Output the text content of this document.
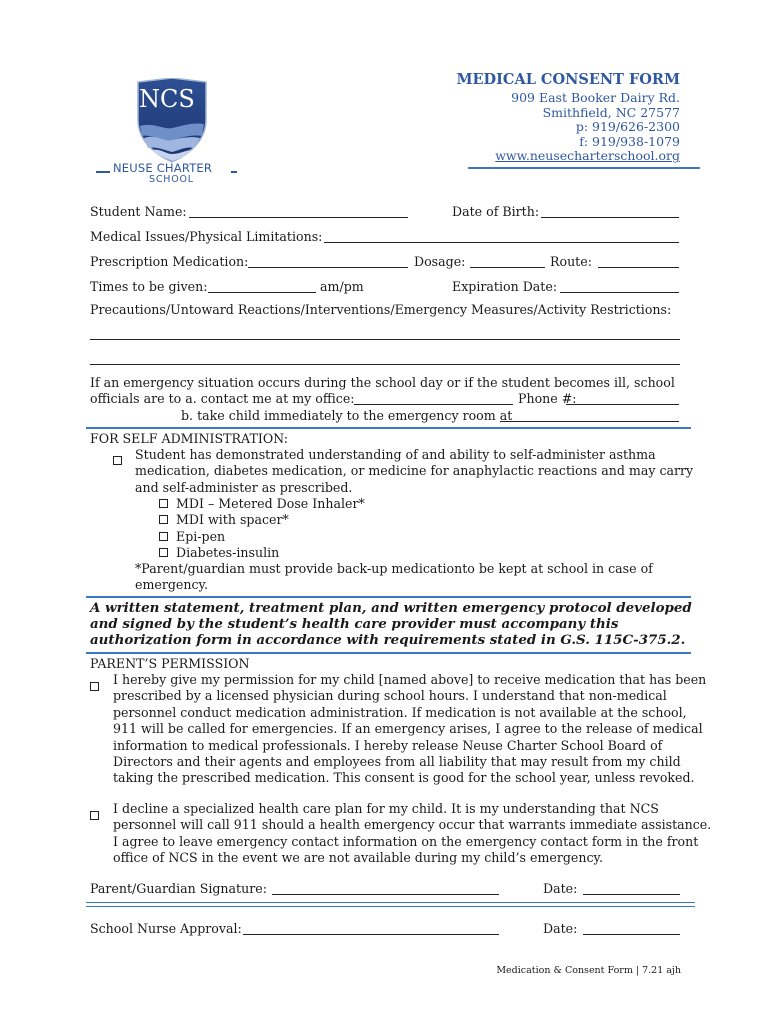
NCS
NEUSE CHARTER
SCHOOL
MEDICAL CONSENT FORM
909 East Booker Dairy Rd.
Smithfield, NC 27577
p: 919/626-2300
f: 919/938-1079
www.neusecharterschool.org
Student Name:	Date of Birth:
Medical Issues/Physical Limitations:
Prescription Medication:	Dosage:	Route:
Times to be given:	am/pm	Expiration Date:
Precautions/Untoward Reactions/Interventions/Emergency Measures/Activity Restrictions:
If an emergency situation occurs during the school day or if the student becomes ill, school
officials are to a. contact me at my office:	Phone #:
b. take child immediately to the emergency room at
FOR SELF ADMINISTRATION:
Student has demonstrated understanding of and ability to self-administer asthma
medication, diabetes medication, or medicine for anaphylactic reactions and may carry
and self-administer as prescribed.
MDI – Metered Dose Inhaler*
MDI with spacer*
Epi-pen
Diabetes-insulin
*Parent/guardian must provide back-up medicationto be kept at school in case of
emergency.
A written statement, treatment plan, and written emergency protocol developed
and signed by the student’s health care provider must accompany this
authorization form in accordance with requirements stated in G.S. 115C-375.2.
PARENT’S PERMISSION
I hereby give my permission for my child [named above] to receive medication that has been
prescribed by a licensed physician during school hours. I understand that non-medical
personnel conduct medication administration. If medication is not available at the school,
911 will be called for emergencies. If an emergency arises, I agree to the release of medical
information to medical professionals. I hereby release Neuse Charter School Board of
Directors and their agents and employees from all liability that may result from my child
taking the prescribed medication. This consent is good for the school year, unless revoked.
I decline a specialized health care plan for my child. It is my understanding that NCS
personnel will call 911 should a health emergency occur that warrants immediate assistance.
I agree to leave emergency contact information on the emergency contact form in the front
office of NCS in the event we are not available during my child’s emergency.
Parent/Guardian Signature:	Date:
School Nurse Approval:	Date:
Medication & Consent Form | 7.21 ajh
